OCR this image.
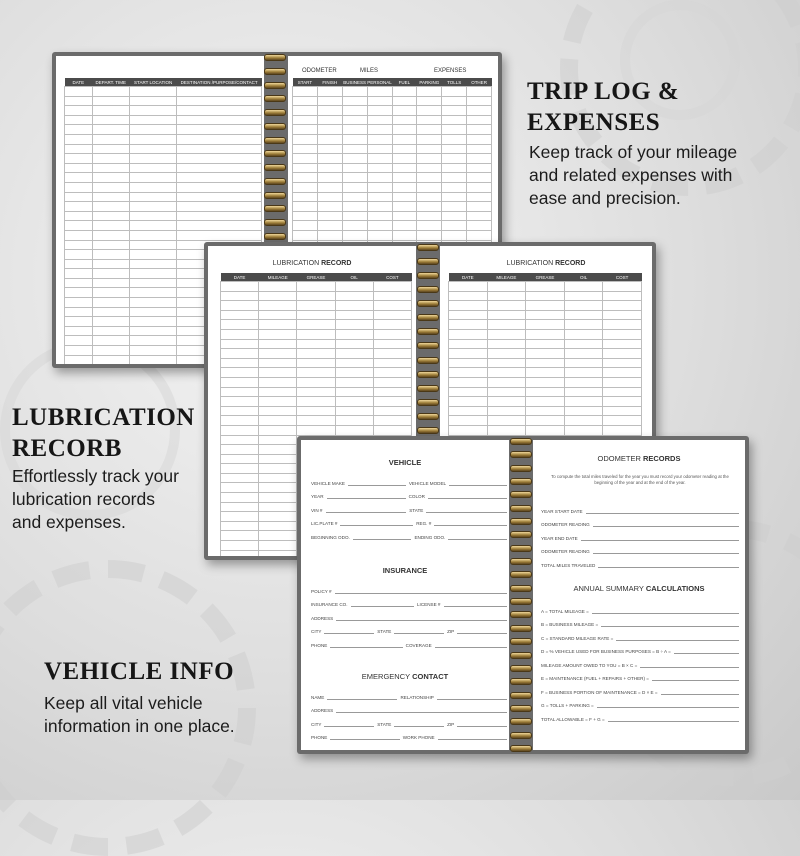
TRIP LOG &
EXPENSES
Keep track of your mileage
and related expenses with
ease and precision.
LUBRICATION
RECORB
Effortlessly track your
lubrication records
and expenses.
VEHICLE INFO
Keep all vital vehicle
information in one place.
DATE	DEPART. TIME	START LOCATION	DESTINATION /PURPOSE/CONTACT

ODOMETER	MILES	EXPENSES
START	FINISH	BUSINESS	PERSONAL	FUEL	PARKING	TOLLS	OTHER

LUBRICATION RECORD
DATE	MILEAGE	GREASE	OIL	COST

LUBRICATION RECORD
DATE	MILEAGE	GREASE	OIL	COST

VEHICLE
VEHICLE MAKE	VEHICLE MODEL
YEAR	COLOR
VIN #	STATE
LIC.PLATE #	REG. #
BEGINNING ODO.	ENDING ODO.
INSURANCE
POLICY #
INSURANCE CO.	LICENSE #
ADDRESS
CITY	STATE	ZIP
PHONE	COVERAGE
EMERGENCY CONTACT
NAME	RELATIONSHIP
ADDRESS
CITY	STATE	ZIP
PHONE	WORK PHONE
ODOMETER RECORDS
To compute the total miles traveled for the year you must record your odometer reading at the beginning of the year and at the end of the year.
YEAR START DATE
ODOMETER READING
YEAR END DATE
ODOMETER READING
TOTAL MILES TRAVELED
ANNUAL SUMMARY CALCULATIONS
A = TOTAL MILEAGE =
B = BUSINESS MILEAGE =
C = STANDARD MILEAGE RATE =
D = % VEHICLE USED FOR BUSINESS PURPOSES = B ÷ A =
MILEAGE AMOUNT OWED TO YOU = B × C =
E = MAINTENANCE (FUEL + REPAIRS + OTHER) =
F = BUSINESS PORTION OF MAINTENANCE = D × E =
G = TOLLS + PARKING =
TOTAL ALLOWABLE = F + G =
